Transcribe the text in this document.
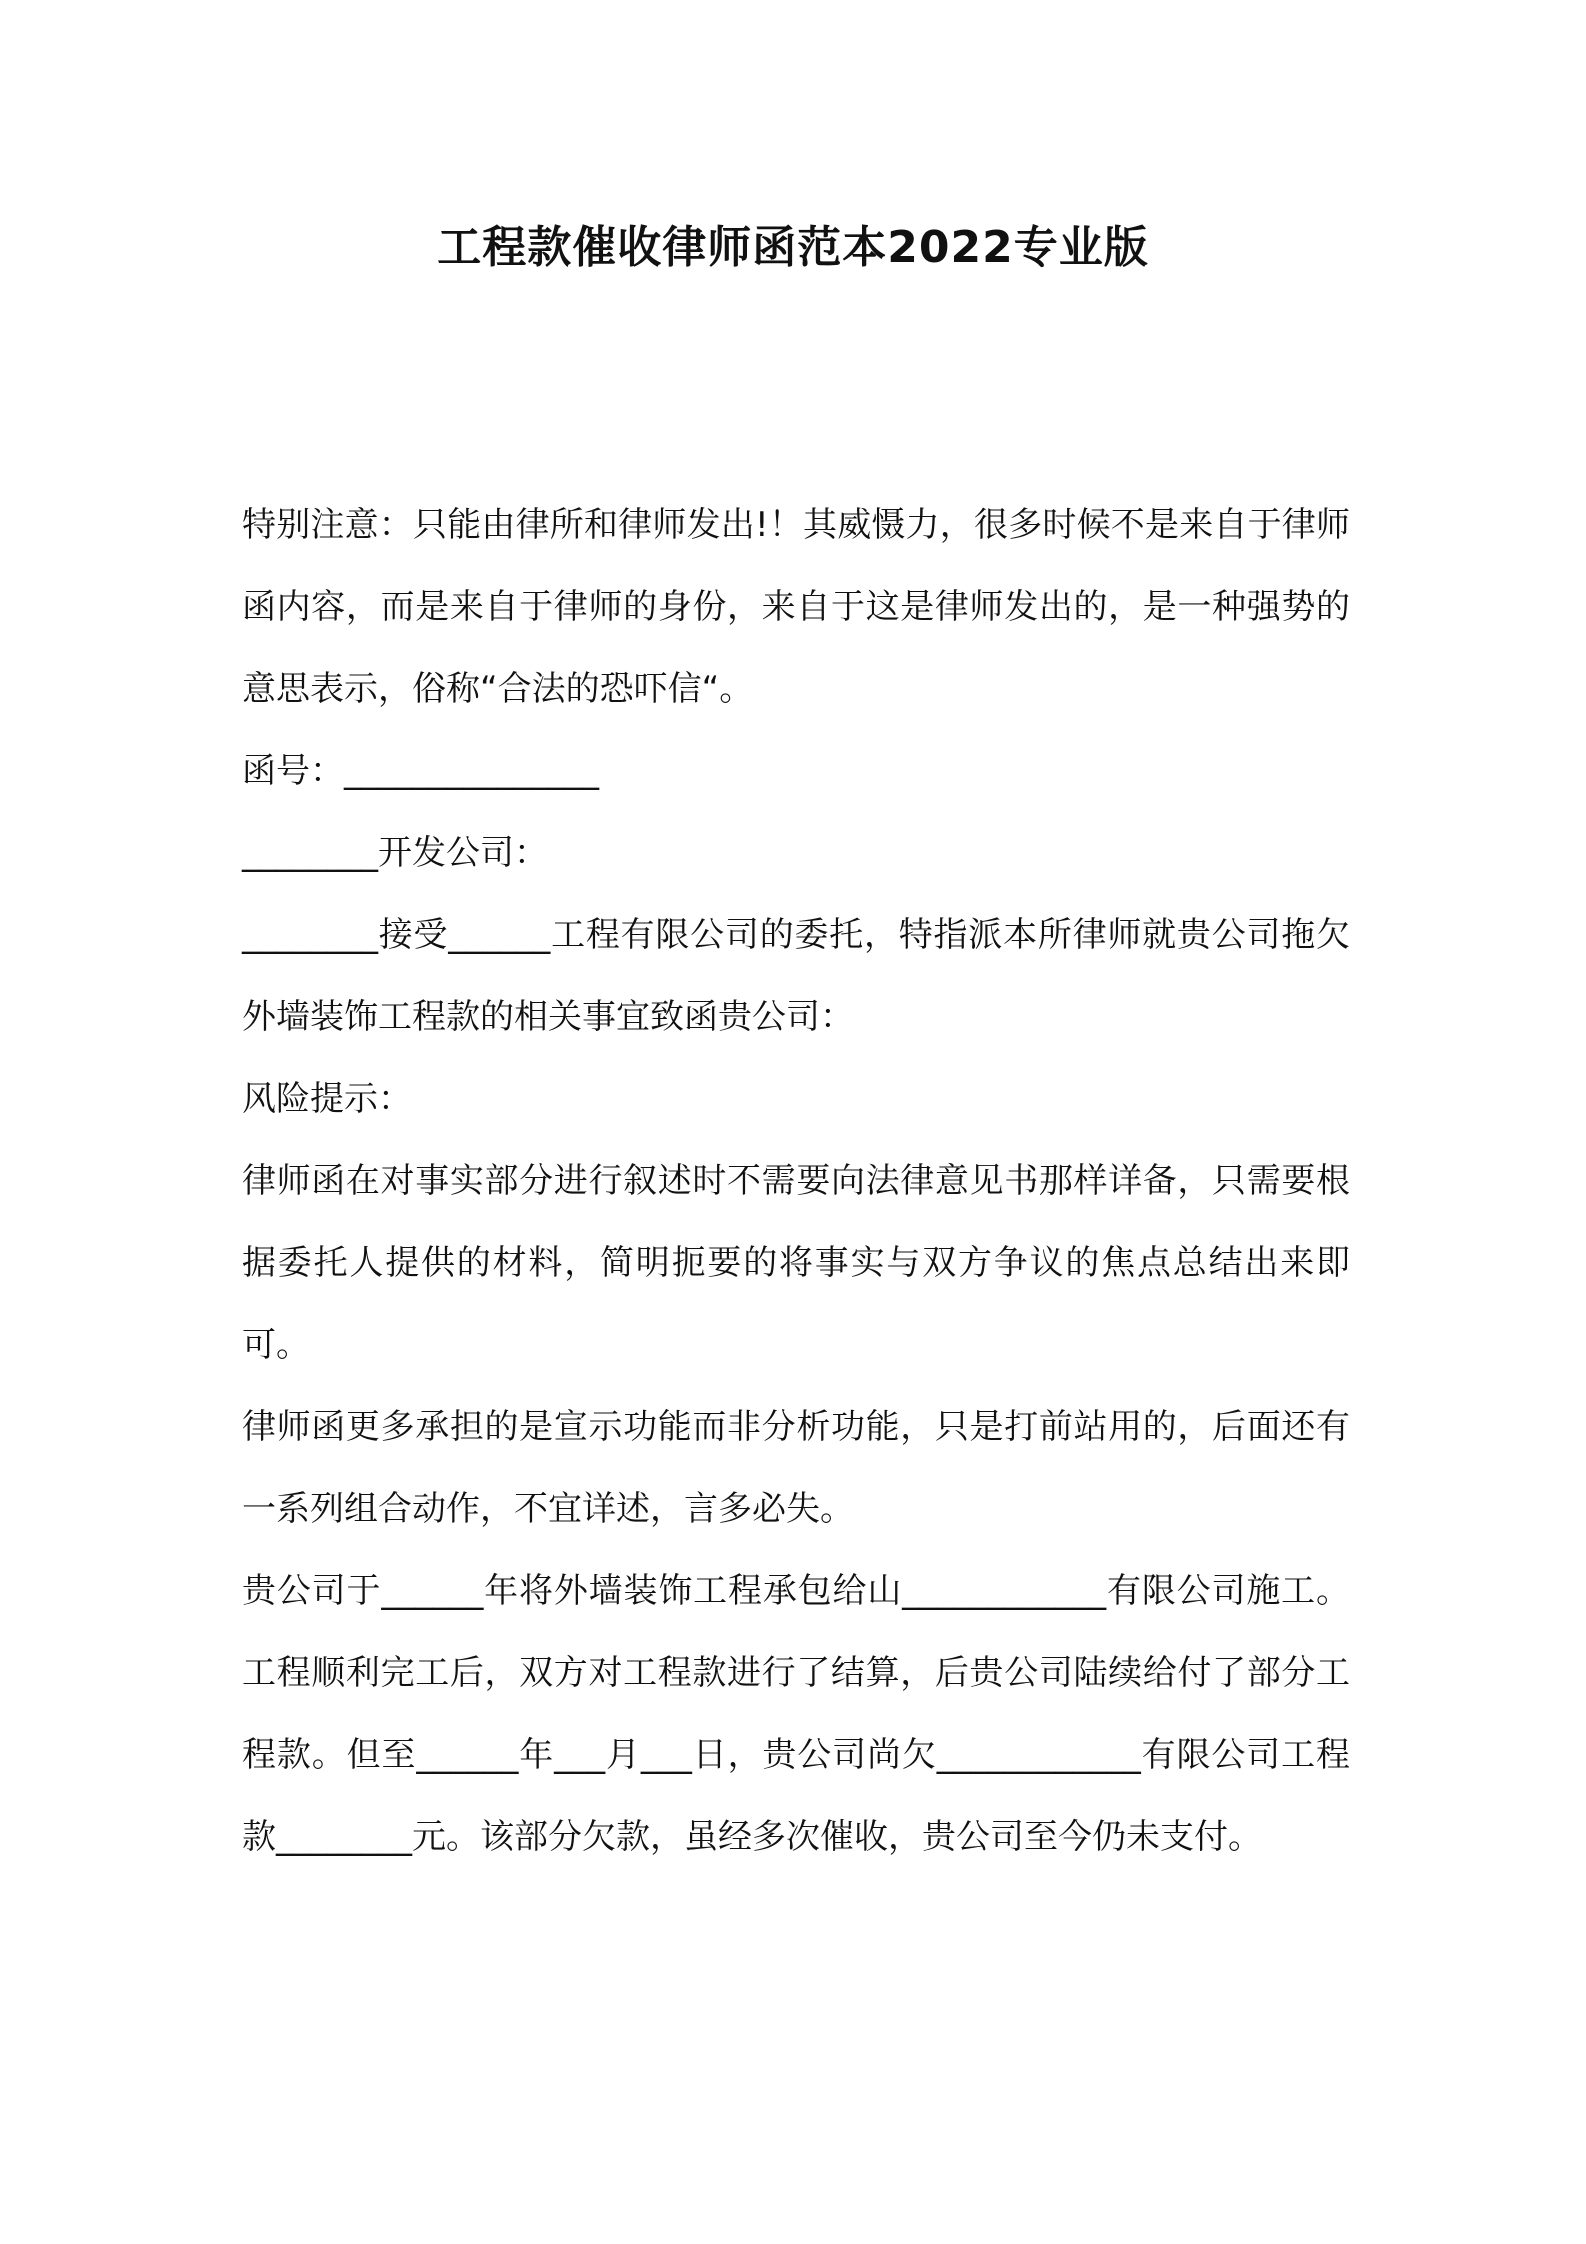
工程款催收律师函范本2022专业版

特别注意：只能由律所和律师发出!！其威慑力，很多时候不是来自于律师函内容，而是来自于律师的身份，来自于这是律师发出的，是一种强势的意思表示，俗称“合法的恐吓信“。

函号：_______________

________开发公司：

________接受______工程有限公司的委托，特指派本所律师就贵公司拖欠外墙装饰工程款的相关事宜致函贵公司：

风险提示：

律师函在对事实部分进行叙述时不需要向法律意见书那样详备，只需要根据委托人提供的材料，简明扼要的将事实与双方争议的焦点总结出来即可。

律师函更多承担的是宣示功能而非分析功能，只是打前站用的，后面还有一系列组合动作，不宜详述，言多必失。

贵公司于______年将外墙装饰工程承包给山____________有限公司施工。工程顺利完工后，双方对工程款进行了结算，后贵公司陆续给付了部分工程款。但至______年___月___日，贵公司尚欠____________有限公司工程款________元。该部分欠款，虽经多次催收，贵公司至今仍未支付。
